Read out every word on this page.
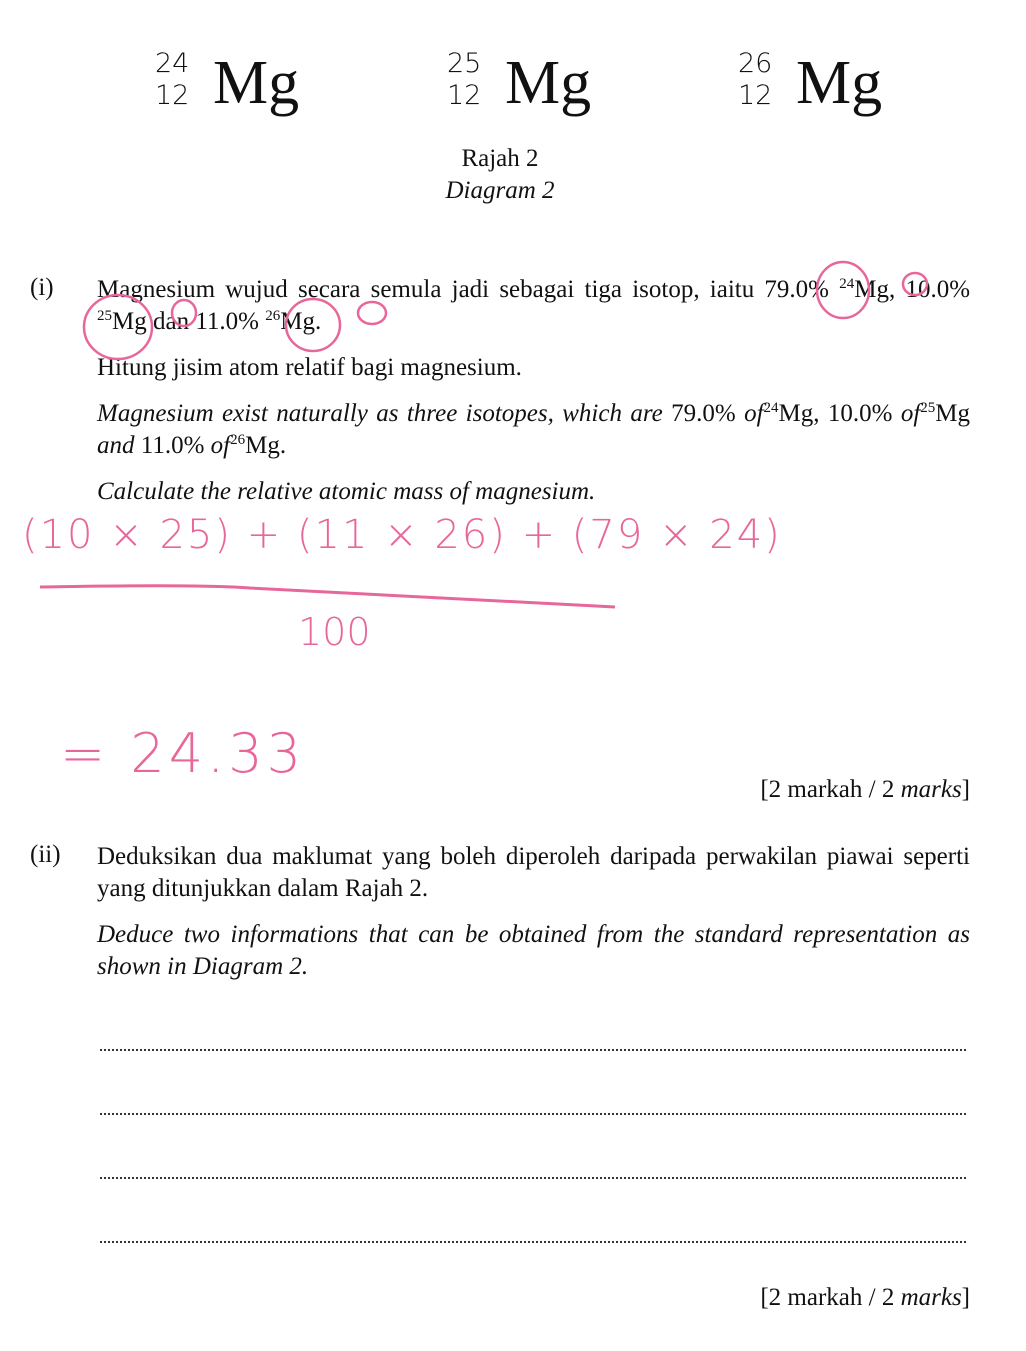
24
12 Mg	25
12 Mg	26
12 Mg
Rajah 2
Diagram 2
(i) Magnesium wujud secara semula jadi sebagai tiga isotop, iaitu 79.0% $^{24}$Mg, 10.0% $^{25}$Mg dan 11.0% $^{26}$Mg.
Hitung jisim atom relatif bagi magnesium.
Magnesium exist naturally as three isotopes, which are 79.0% $of^{24}Mg$, 10.0% $of^{25}Mg$ and 11.0% $of^{26}Mg$.
Calculate the relative atomic mass of magnesium.
(10 × 25) + (11 × 26) + (79 × 24)
100
= 24.33
[2 markah / 2 marks]
(ii) Deduksikan dua maklumat yang boleh diperoleh daripada perwakilan piawai seperti yang ditunjukkan dalam Rajah 2.
Deduce two informations that can be obtained from the standard representation as shown in Diagram 2.
[2 markah / 2 marks]
